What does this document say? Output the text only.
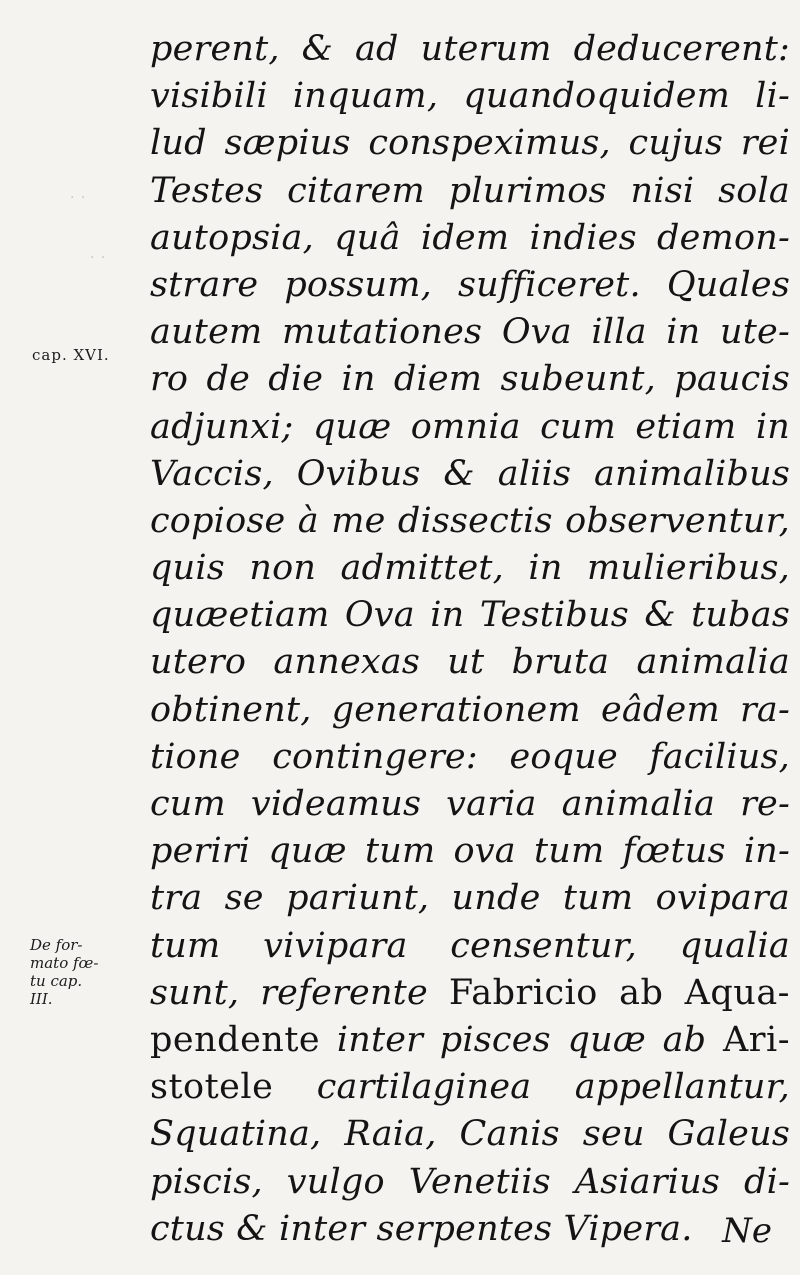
· ·
· ·
cap. XVI.
De for-
mato fœ-
tu cap.
III.
perent, & ad uterum deducerent:
visibili inquam, quandoquidem li-
lud sæpius conspeximus, cujus rei
Testes citarem plurimos nisi sola
autopsia, quâ idem indies demon-
strare possum, sufficeret. Quales
autem mutationes Ova illa in ute-
ro de die in diem subeunt, paucis
adjunxi; quæ omnia cum etiam in
Vaccis, Ovibus & aliis animalibus
copiose à me dissectis observentur,
quis non admittet, in mulieribus,
quæetiam Ova in Testibus & tubas
utero annexas ut bruta animalia
obtinent, generationem eâdem ra-
tione contingere: eoque facilius,
cum videamus varia animalia re-
periri quæ tum ova tum fœtus in-
tra se pariunt, unde tum ovipara
tum vivipara censentur, qualia
sunt, referente Fabricio ab Aqua-
pendente inter pisces quæ ab Ari-
stotele cartilaginea appellantur,
Squatina, Raia, Canis seu Galeus
piscis, vulgo Venetiis Asiarius di-
ctus & inter serpentes Vipera. Ne
